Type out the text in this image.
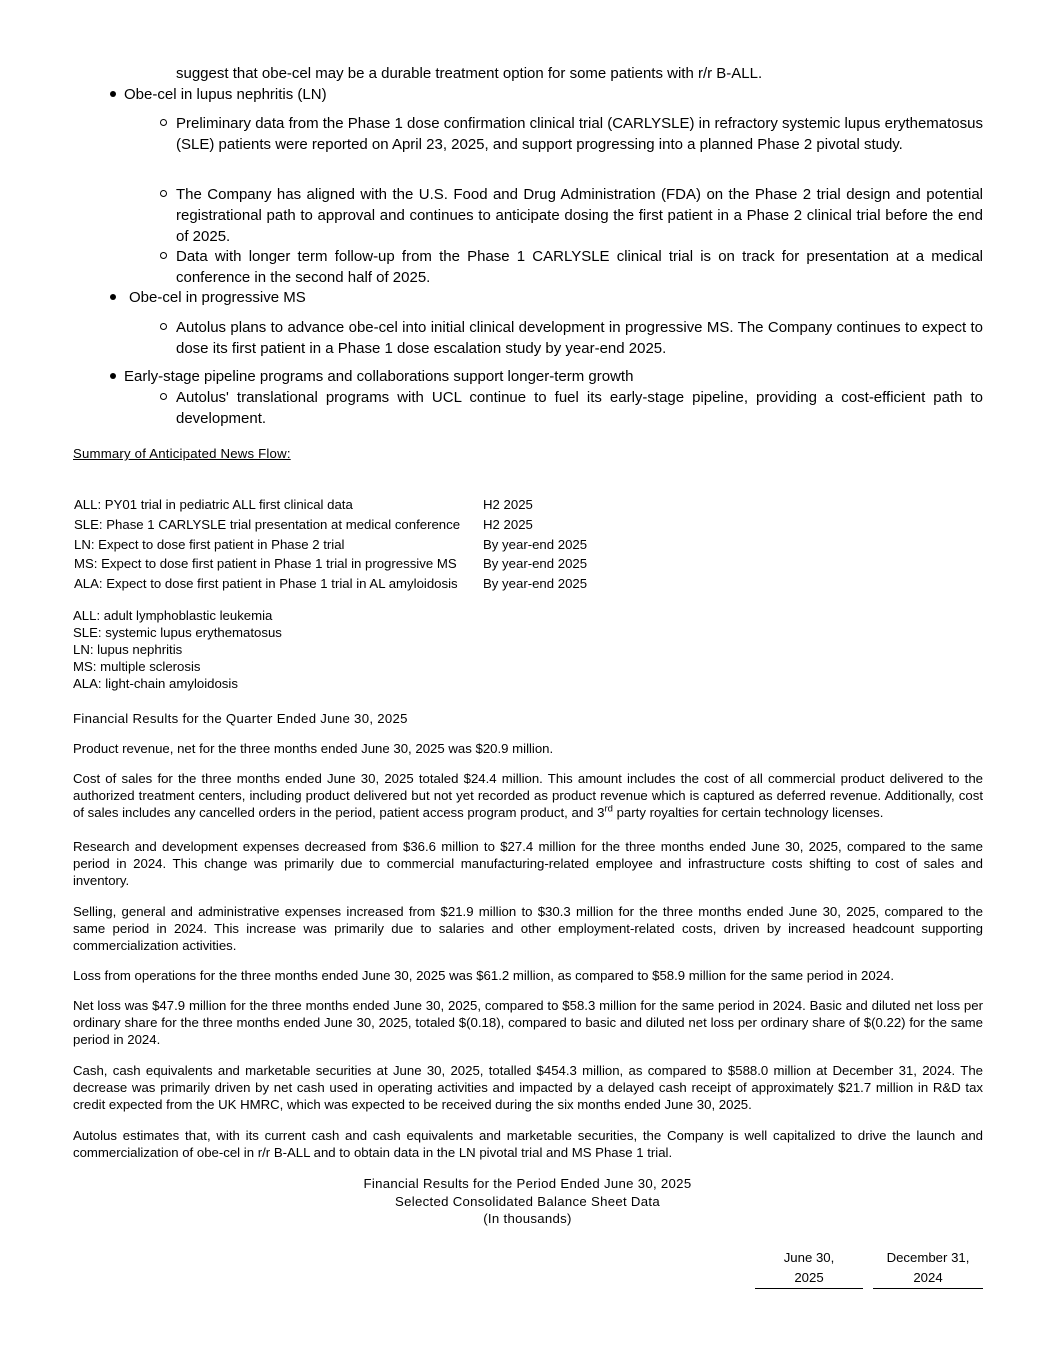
suggest that obe-cel may be a durable treatment option for some patients with r/r B-ALL.
Obe-cel in lupus nephritis (LN)
Preliminary data from the Phase 1 dose confirmation clinical trial (CARLYSLE) in refractory systemic lupus erythematosus (SLE) patients were reported on April 23, 2025, and support progressing into a planned Phase 2 pivotal study.
The Company has aligned with the U.S. Food and Drug Administration (FDA) on the Phase 2 trial design and potential registrational path to approval and continues to anticipate dosing the first patient in a Phase 2 clinical trial before the end of 2025.
Data with longer term follow-up from the Phase 1 CARLYSLE clinical trial is on track for presentation at a medical conference in the second half of 2025.
Obe-cel in progressive MS
Autolus plans to advance obe-cel into initial clinical development in progressive MS. The Company continues to expect to dose its first patient in a Phase 1 dose escalation study by year-end 2025.
Early-stage pipeline programs and collaborations support longer-term growth
Autolus' translational programs with UCL continue to fuel its early-stage pipeline, providing a cost-efficient path to development.
Summary of Anticipated News Flow:
ALL: PY01 trial in pediatric ALL first clinical data	H2 2025
SLE: Phase 1 CARLYSLE trial presentation at medical conference H2 2025
LN: Expect to dose first patient in Phase 2 trial	By year-end 2025
MS: Expect to dose first patient in Phase 1 trial in progressive MS By year-end 2025
ALA: Expect to dose first patient in Phase 1 trial in AL amyloidosis By year-end 2025
ALL: adult lymphoblastic leukemia
SLE: systemic lupus erythematosus
LN: lupus nephritis
MS: multiple sclerosis
ALA: light-chain amyloidosis
Financial Results for the Quarter Ended June 30, 2025
Product revenue, net for the three months ended June 30, 2025 was $20.9 million.
Cost of sales for the three months ended June 30, 2025 totaled $24.4 million. This amount includes the cost of all commercial product delivered to the authorized treatment centers, including product delivered but not yet recorded as product revenue which is captured as deferred revenue. Additionally, cost of sales includes any cancelled orders in the period, patient access program product, and 3rd party royalties for certain technology licenses.
Research and development expenses decreased from $36.6 million to $27.4 million for the three months ended June 30, 2025, compared to the same period in 2024. This change was primarily due to commercial manufacturing-related employee and infrastructure costs shifting to cost of sales and inventory.
Selling, general and administrative expenses increased from $21.9 million to $30.3 million for the three months ended June 30, 2025, compared to the same period in 2024. This increase was primarily due to salaries and other employment-related costs, driven by increased headcount supporting commercialization activities.
Loss from operations for the three months ended June 30, 2025 was $61.2 million, as compared to $58.9 million for the same period in 2024.
Net loss was $47.9 million for the three months ended June 30, 2025, compared to $58.3 million for the same period in 2024. Basic and diluted net loss per ordinary share for the three months ended June 30, 2025, totaled $(0.18), compared to basic and diluted net loss per ordinary share of $(0.22) for the same period in 2024.
Cash, cash equivalents and marketable securities at June 30, 2025, totalled $454.3 million, as compared to $588.0 million at December 31, 2024. The decrease was primarily driven by net cash used in operating activities and impacted by a delayed cash receipt of approximately $21.7 million in R&D tax credit expected from the UK HMRC, which was expected to be received during the six months ended June 30, 2025.
Autolus estimates that, with its current cash and cash equivalents and marketable securities, the Company is well capitalized to drive the launch and commercialization of obe-cel in r/r B-ALL and to obtain data in the LN pivotal trial and MS Phase 1 trial.
Financial Results for the Period Ended June 30, 2025
Selected Consolidated Balance Sheet Data
(In thousands)
June 30,
2025
December 31,
2024
